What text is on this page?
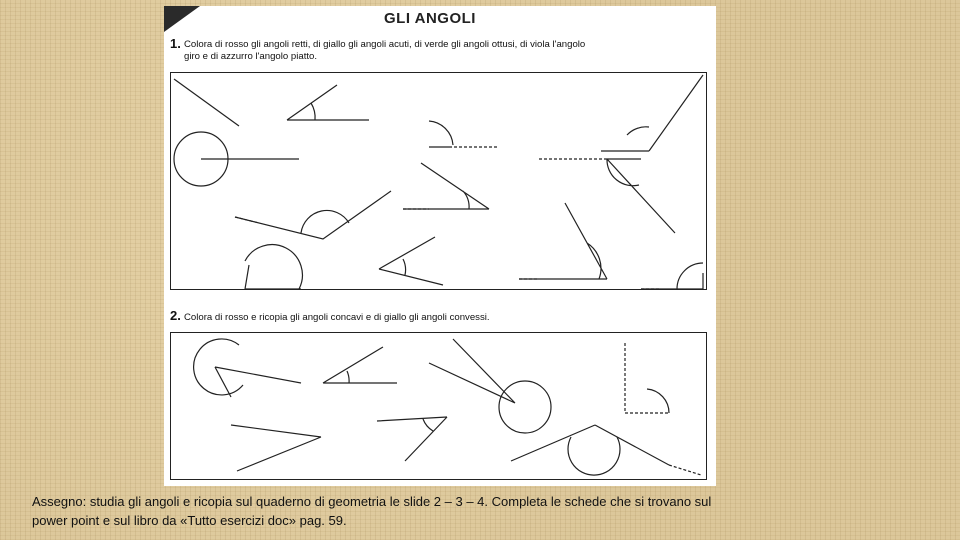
GLI ANGOLI
1. Colora di rosso gli angoli retti, di giallo gli angoli acuti, di verde gli angoli ottusi, di viola l'angolo
giro e di azzurro l'angolo piatto.
2. Colora di rosso e ricopia gli angoli concavi e di giallo gli angoli convessi.
Assegno: studia gli angoli e ricopia sul quaderno di geometria le slide 2 – 3 – 4. Completa le schede che si trovano sul
power point e sul libro da «Tutto esercizi doc» pag. 59.
